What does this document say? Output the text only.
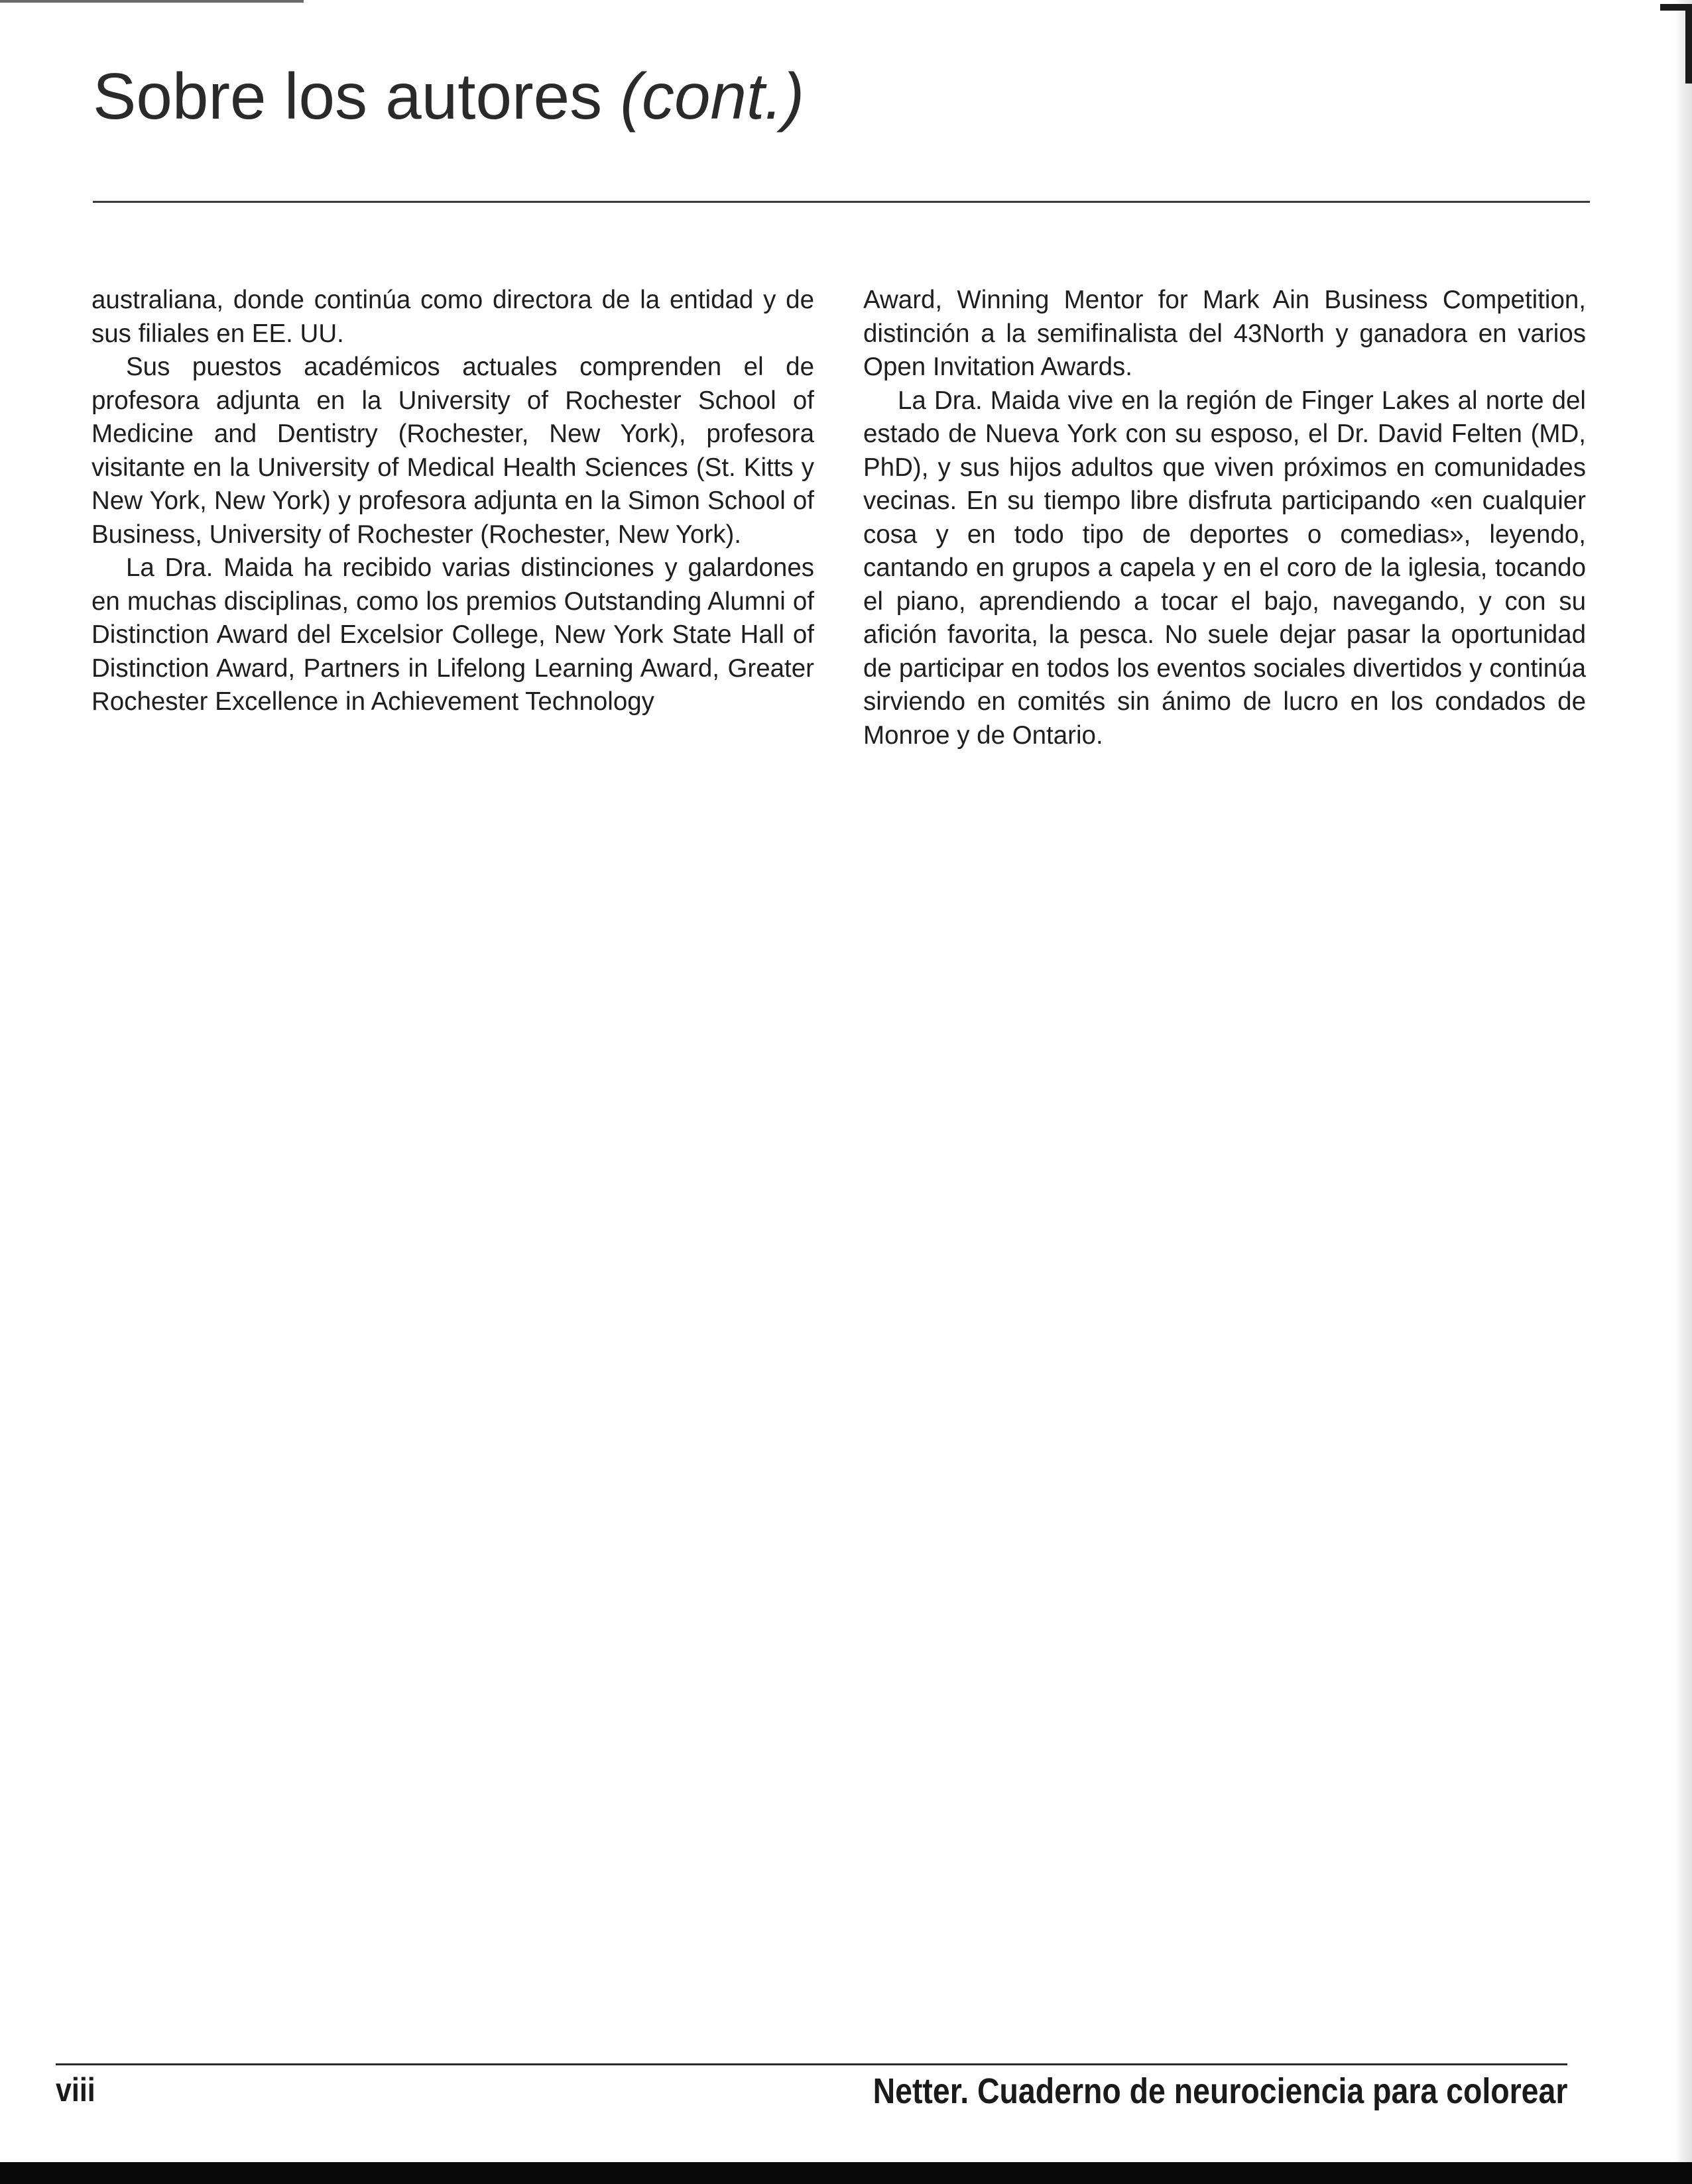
Sobre los autores (cont.)

australiana, donde continúa como directora de la entidad y de sus filiales en EE. UU.

Sus puestos académicos actuales comprenden el de profesora adjunta en la University of Rochester School of Medicine and Dentistry (Rochester, New York), profesora visitante en la University of Medical Health Sciences (St. Kitts y New York, New York) y profesora adjunta en la Simon School of Business, University of Rochester (Rochester, New York).

La Dra. Maida ha recibido varias distinciones y galardones en muchas disciplinas, como los premios Outstanding Alumni of Distinction Award del Excelsior College, New York State Hall of Distinction Award, Partners in Lifelong Learning Award, Greater Rochester Excellence in Achievement Technology

Award, Winning Mentor for Mark Ain Business Competition, distinción a la semifinalista del 43North y ganadora en varios Open Invitation Awards.

La Dra. Maida vive en la región de Finger Lakes al norte del estado de Nueva York con su esposo, el Dr. David Felten (MD, PhD), y sus hijos adultos que viven próximos en comunidades vecinas. En su tiempo libre disfruta participando «en cualquier cosa y en todo tipo de deportes o comedias», leyendo, cantando en grupos a capela y en el coro de la iglesia, tocando el piano, aprendiendo a tocar el bajo, navegando, y con su afición favorita, la pesca. No suele dejar pasar la oportunidad de participar en todos los eventos sociales divertidos y continúa sirviendo en comités sin ánimo de lucro en los condados de Monroe y de Ontario.

viii	Netter. Cuaderno de neurociencia para colorear
